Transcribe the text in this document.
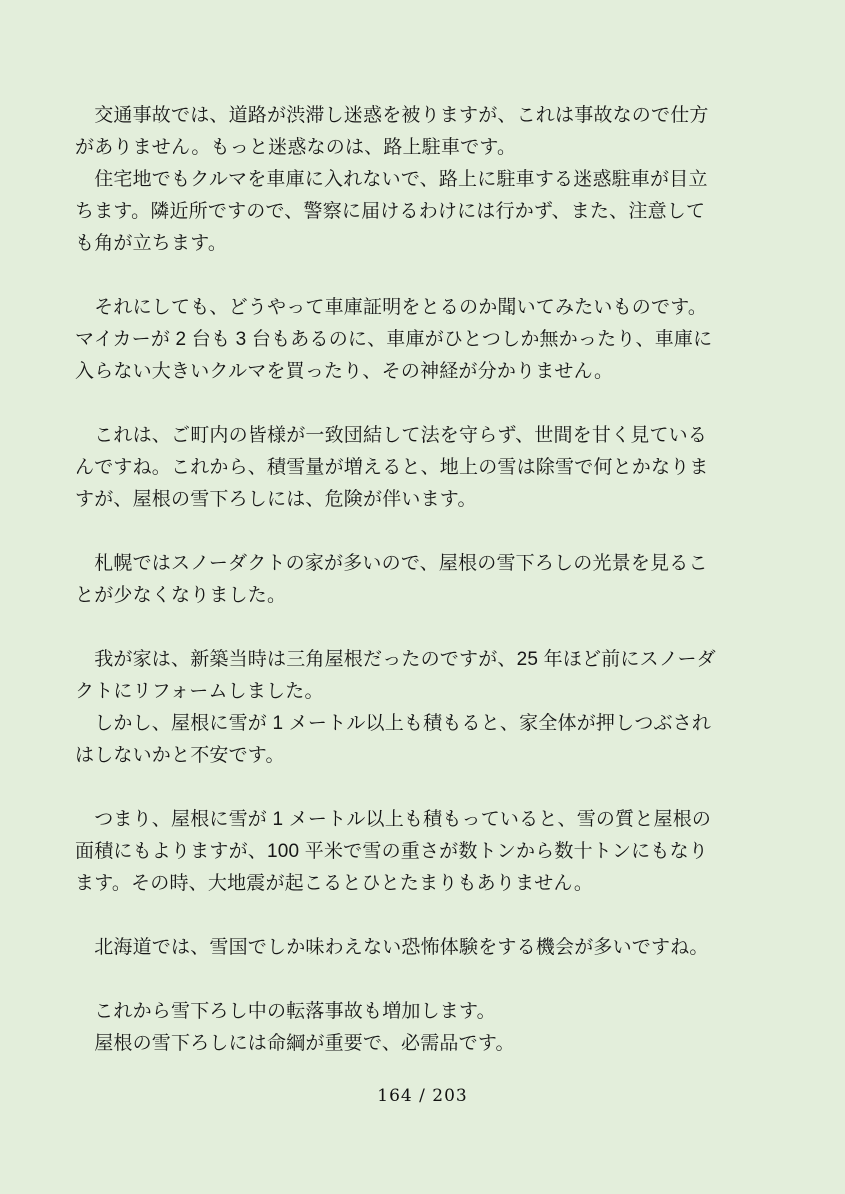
　交通事故では、道路が渋滞し迷惑を被りますが、これは事故なので仕方
がありません。もっと迷惑なのは、路上駐車です。
　住宅地でもクルマを車庫に入れないで、路上に駐車する迷惑駐車が目立
ちます。隣近所ですので、警察に届けるわけには行かず、また、注意して
も角が立ちます。

　それにしても、どうやって車庫証明をとるのか聞いてみたいものです。
マイカーが 2 台も 3 台もあるのに、車庫がひとつしか無かったり、車庫に
入らない大きいクルマを買ったり、その神経が分かりません。

　これは、ご町内の皆様が一致団結して法を守らず、世間を甘く見ている
んですね。これから、積雪量が増えると、地上の雪は除雪で何とかなりま
すが、屋根の雪下ろしには、危険が伴います。

　札幌ではスノーダクトの家が多いので、屋根の雪下ろしの光景を見るこ
とが少なくなりました。

　我が家は、新築当時は三角屋根だったのですが、25 年ほど前にスノーダ
クトにリフォームしました。
　しかし、屋根に雪が 1 メートル以上も積もると、家全体が押しつぶされ
はしないかと不安です。

　つまり、屋根に雪が 1 メートル以上も積もっていると、雪の質と屋根の
面積にもよりますが、100 平米で雪の重さが数トンから数十トンにもなり
ます。その時、大地震が起こるとひとたまりもありません。

　北海道では、雪国でしか味わえない恐怖体験をする機会が多いですね。

　これから雪下ろし中の転落事故も増加します。
　屋根の雪下ろしには命綱が重要で、必需品です。
164 / 203
